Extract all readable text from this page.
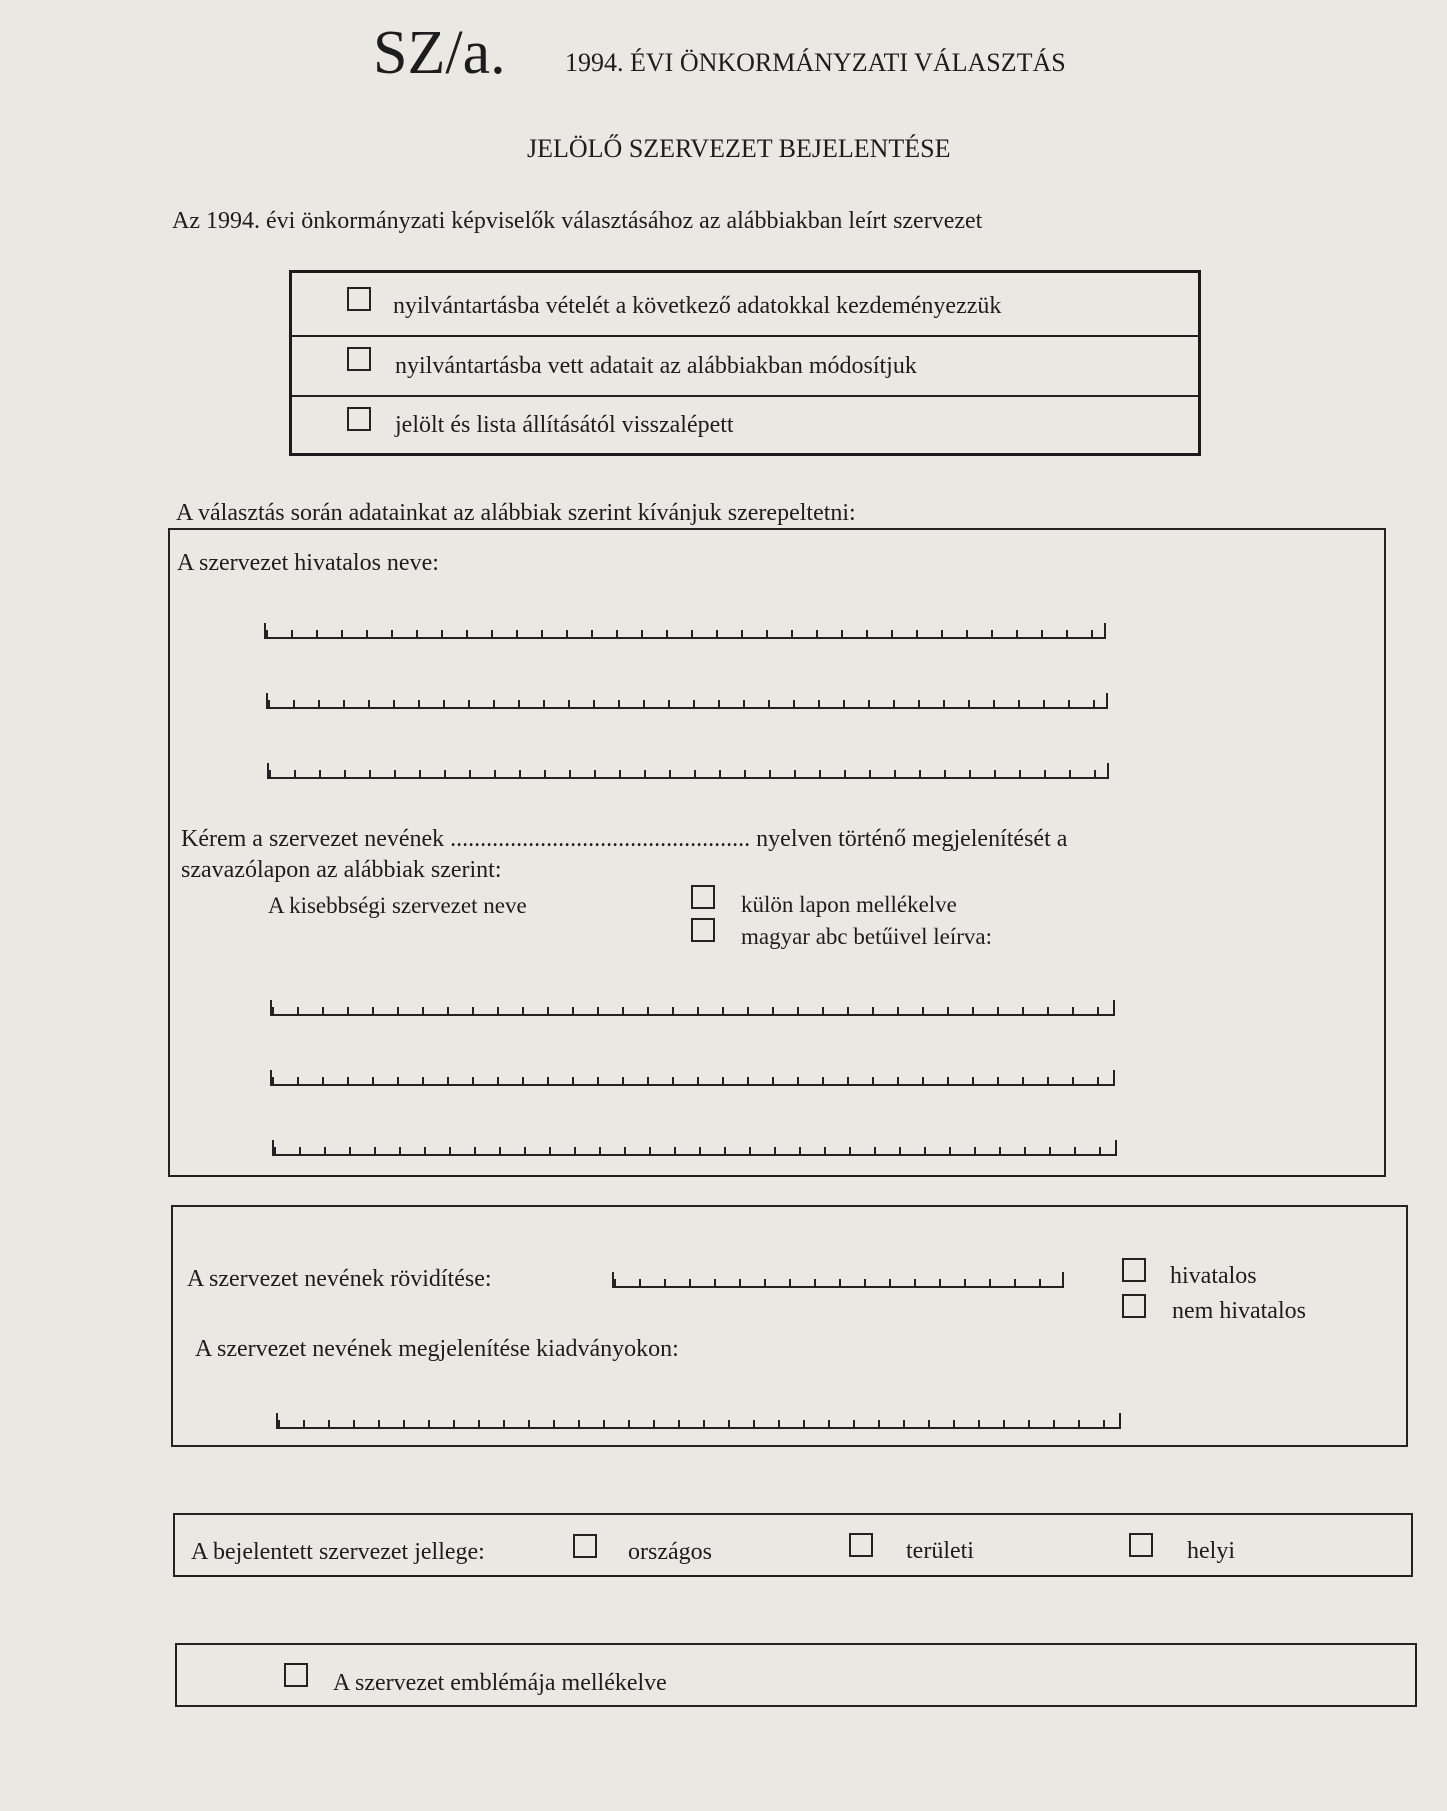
SZ/a. 1994. ÉVI ÖNKORMÁNYZATI VÁLASZTÁS
JELÖLŐ SZERVEZET BEJELENTÉSE
Az 1994. évi önkormányzati képviselők választásához az alábbiakban leírt szervezet
nyilvántartásba vételét a következő adatokkal kezdeményezzük
nyilvántartásba vett adatait az alábbiakban módosítjuk
jelölt és lista állításától visszalépett
A választás során adatainkat az alábbiak szerint kívánjuk szerepeltetni:
A szervezet hivatalos neve:
Kérem a szervezet nevének .................................................. nyelven történő megjelenítését a
szavazólapon az alábbiak szerint:
A kisebbségi szervezet neve	külön lapon mellékelve
magyar abc betűivel leírva:
A szervezet nevének rövidítése:	hivatalos
nem hivatalos
A szervezet nevének megjelenítése kiadványokon:
A bejelentett szervezet jellege:	országos	területi	helyi
A szervezet emblémája mellékelve
